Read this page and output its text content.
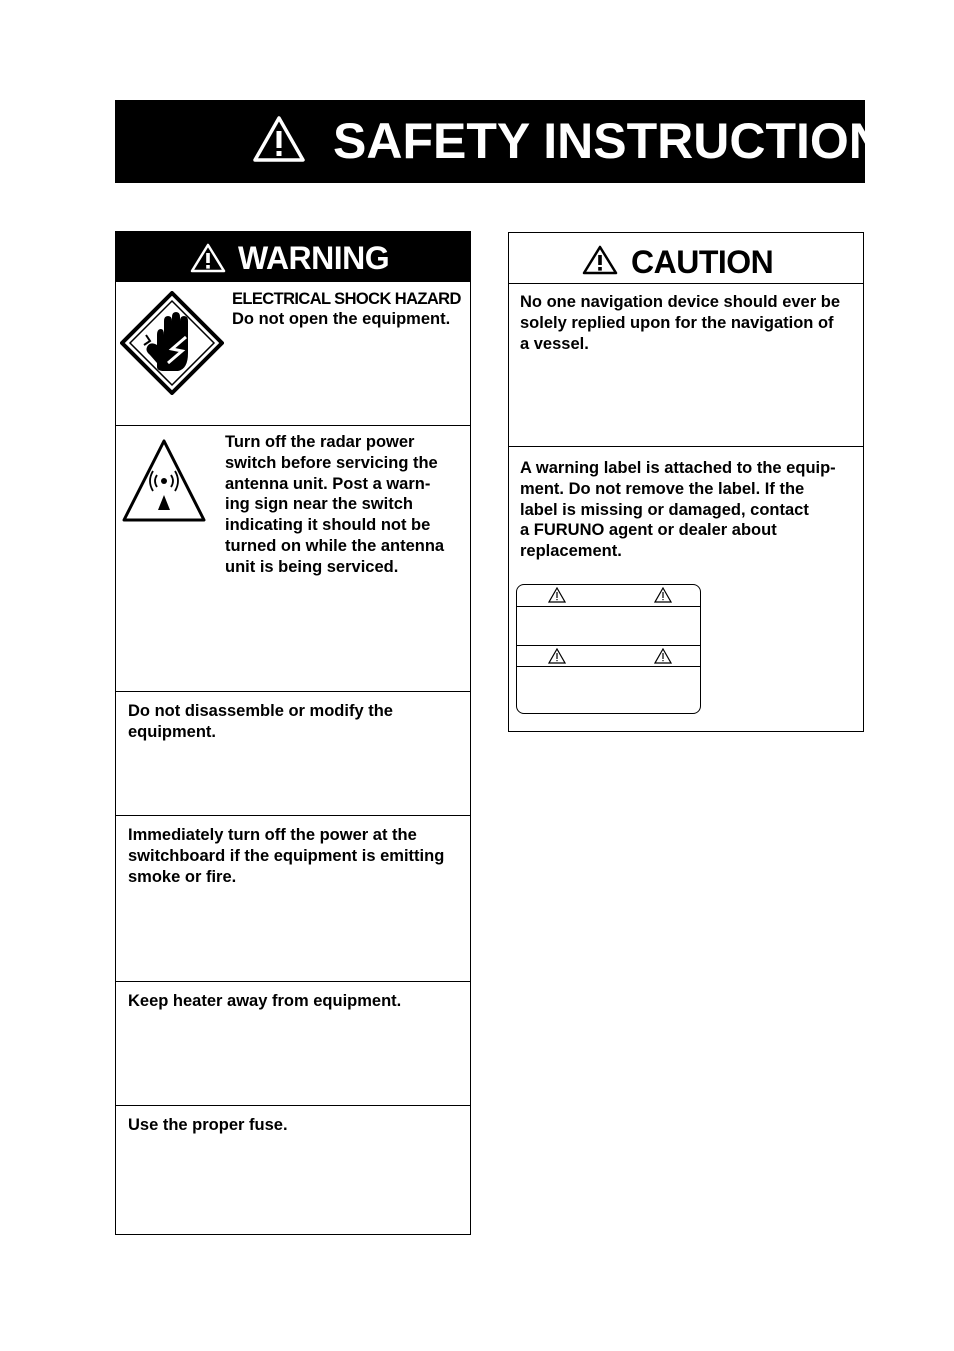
SAFETY INSTRUCTIONS
WARNING
ELECTRICAL SHOCK HAZARD
Do not open the equipment.
Turn off the radar power
switch before servicing the
antenna unit. Post a warn-
ing sign near the switch
indicating it should not be
turned on while the antenna
unit is being serviced.
Do not disassemble or modify the
equipment.
Immediately turn off the power at the
switchboard if the equipment is emitting
smoke or fire.
Keep heater away from equipment.
Use the proper fuse.
CAUTION
No one navigation device should ever be
solely replied upon for the navigation of
a vessel.
A warning label is attached to the equip-
ment. Do not remove the label. If the
label is missing or damaged, contact
a FURUNO agent or dealer about
replacement.
